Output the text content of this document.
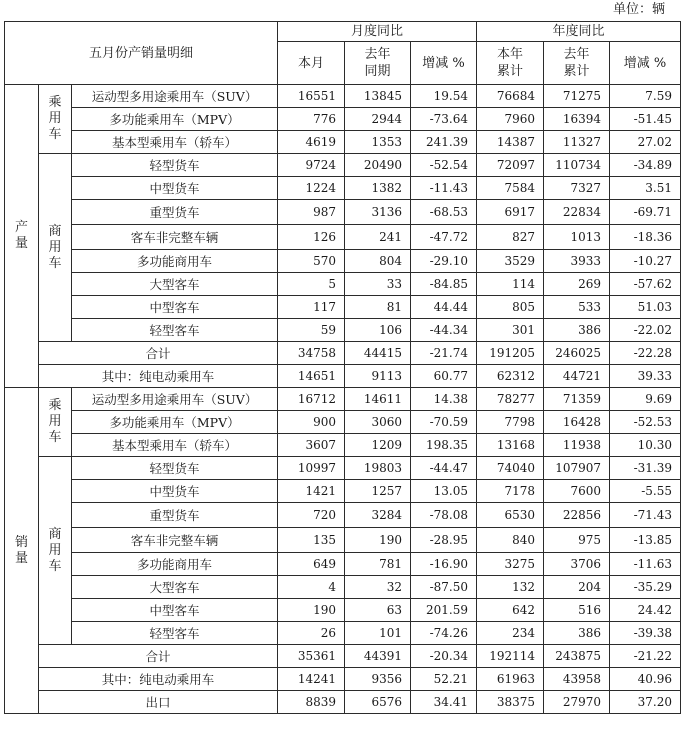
单位：辆
五月份产销量明细			月度同比			年度同比		
			本月	去年同期	增减 %	本年累计	去年累计	增减 %

产
量	乘
用
车	运动型多用途乘用车（SUV）	16551	13845	19.54	76684	71275	7.59
		多功能乘用车（MPV）	776	2944	-73.64	7960	16394	-51.45
		基本型乘用车（轿车）	4619	1353	241.39	14387	11327	27.02

	商
用
车	轻型货车	9724	20490	-52.54	72097	110734	-34.89
		中型货车	1224	1382	-11.43	7584	7327	3.51
		重型货车	987	3136	-68.53	6917	22834	-69.71
		客车非完整车辆	126	241	-47.72	827	1013	-18.36
		多功能商用车	570	804	-29.10	3529	3933	-10.27
		大型客车	5	33	-84.85	114	269	-57.62
		中型客车	117	81	44.44	805	533	51.03
		轻型客车	59	106	-44.34	301	386	-22.02
	合计		34758	44415	-21.74	191205	246025	-22.28
	其中：纯电动乘用车		14651	9113	60.77	62312	44721	39.33

销
量	乘
用
车	运动型多用途乘用车（SUV）	16712	14611	14.38	78277	71359	9.69
		多功能乘用车（MPV）	900	3060	-70.59	7798	16428	-52.53
		基本型乘用车（轿车）	3607	1209	198.35	13168	11938	10.30

	商
用
车	轻型货车	10997	19803	-44.47	74040	107907	-31.39
		中型货车	1421	1257	13.05	7178	7600	-5.55
		重型货车	720	3284	-78.08	6530	22856	-71.43
		客车非完整车辆	135	190	-28.95	840	975	-13.85
		多功能商用车	649	781	-16.90	3275	3706	-11.63
		大型客车	4	32	-87.50	132	204	-35.29
		中型客车	190	63	201.59	642	516	24.42
		轻型客车	26	101	-74.26	234	386	-39.38
	合计		35361	44391	-20.34	192114	243875	-21.22
	其中：纯电动乘用车		14241	9356	52.21	61963	43958	40.96
	出口		8839	6576	34.41	38375	27970	37.20
